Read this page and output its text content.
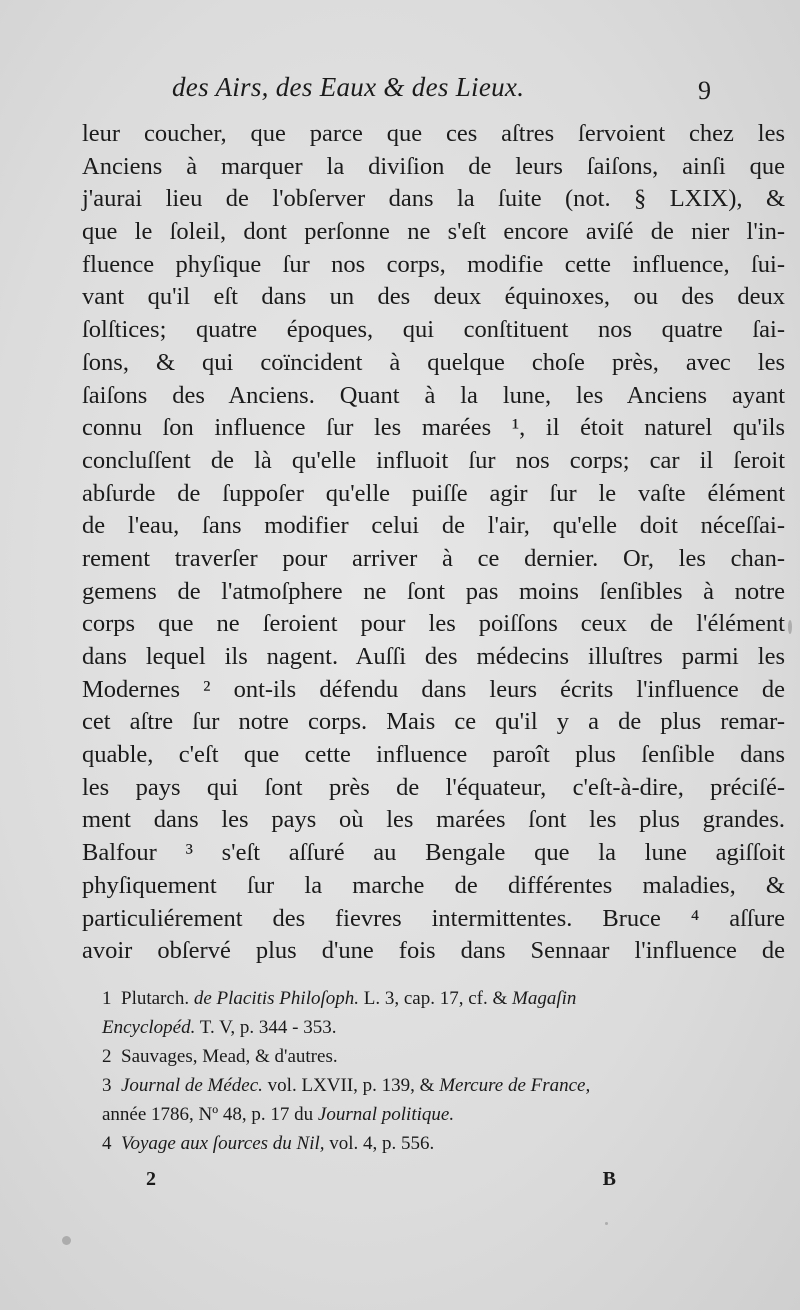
des Airs, des Eaux & des Lieux.	9
leur coucher, que parce que ces aſtres ſervoient chez les
Anciens à marquer la diviſion de leurs ſaiſons, ainſi que
j'aurai lieu de l'obſerver dans la ſuite (not. § LXIX), &
que le ſoleil, dont perſonne ne s'eſt encore aviſé de nier l'in-
fluence phyſique ſur nos corps, modifie cette influence, ſui-
vant qu'il eſt dans un des deux équinoxes, ou des deux
ſolſtices; quatre époques, qui conſtituent nos quatre ſai-
ſons, & qui coïncident à quelque choſe près, avec les
ſaiſons des Anciens. Quant à la lune, les Anciens ayant
connu ſon influence ſur les marées ¹, il étoit naturel qu'ils
concluſſent de là qu'elle influoit ſur nos corps; car il ſeroit
abſurde de ſuppoſer qu'elle puiſſe agir ſur le vaſte élément
de l'eau, ſans modifier celui de l'air, qu'elle doit néceſſai-
rement traverſer pour arriver à ce dernier. Or, les chan-
gemens de l'atmoſphere ne ſont pas moins ſenſibles à notre
corps que ne ſeroient pour les poiſſons ceux de l'élément
dans lequel ils nagent. Auſſi des médecins illuſtres parmi les
Modernes ² ont-ils défendu dans leurs écrits l'influence de
cet aſtre ſur notre corps. Mais ce qu'il y a de plus remar-
quable, c'eſt que cette influence paroît plus ſenſible dans
les pays qui ſont près de l'équateur, c'eſt-à-dire, préciſé-
ment dans les pays où les marées ſont les plus grandes.
Balfour ³ s'eſt aſſuré au Bengale que la lune agiſſoit
phyſiquement ſur la marche de différentes maladies, &
particuliérement des fievres intermittentes. Bruce ⁴ aſſure
avoir obſervé plus d'une fois dans Sennaar l'influence de
1 Plutarch. de Placitis Philoſoph. L. 3, cap. 17, cf. & Magaſin
Encyclopéd. T. V, p. 344 - 353.
2 Sauvages, Mead, & d'autres.
3 Journal de Médec. vol. LXVII, p. 139, & Mercure de France,
année 1786, Nº 48, p. 17 du Journal politique.
4 Voyage aux ſources du Nil, vol. 4, p. 556.
2	B
